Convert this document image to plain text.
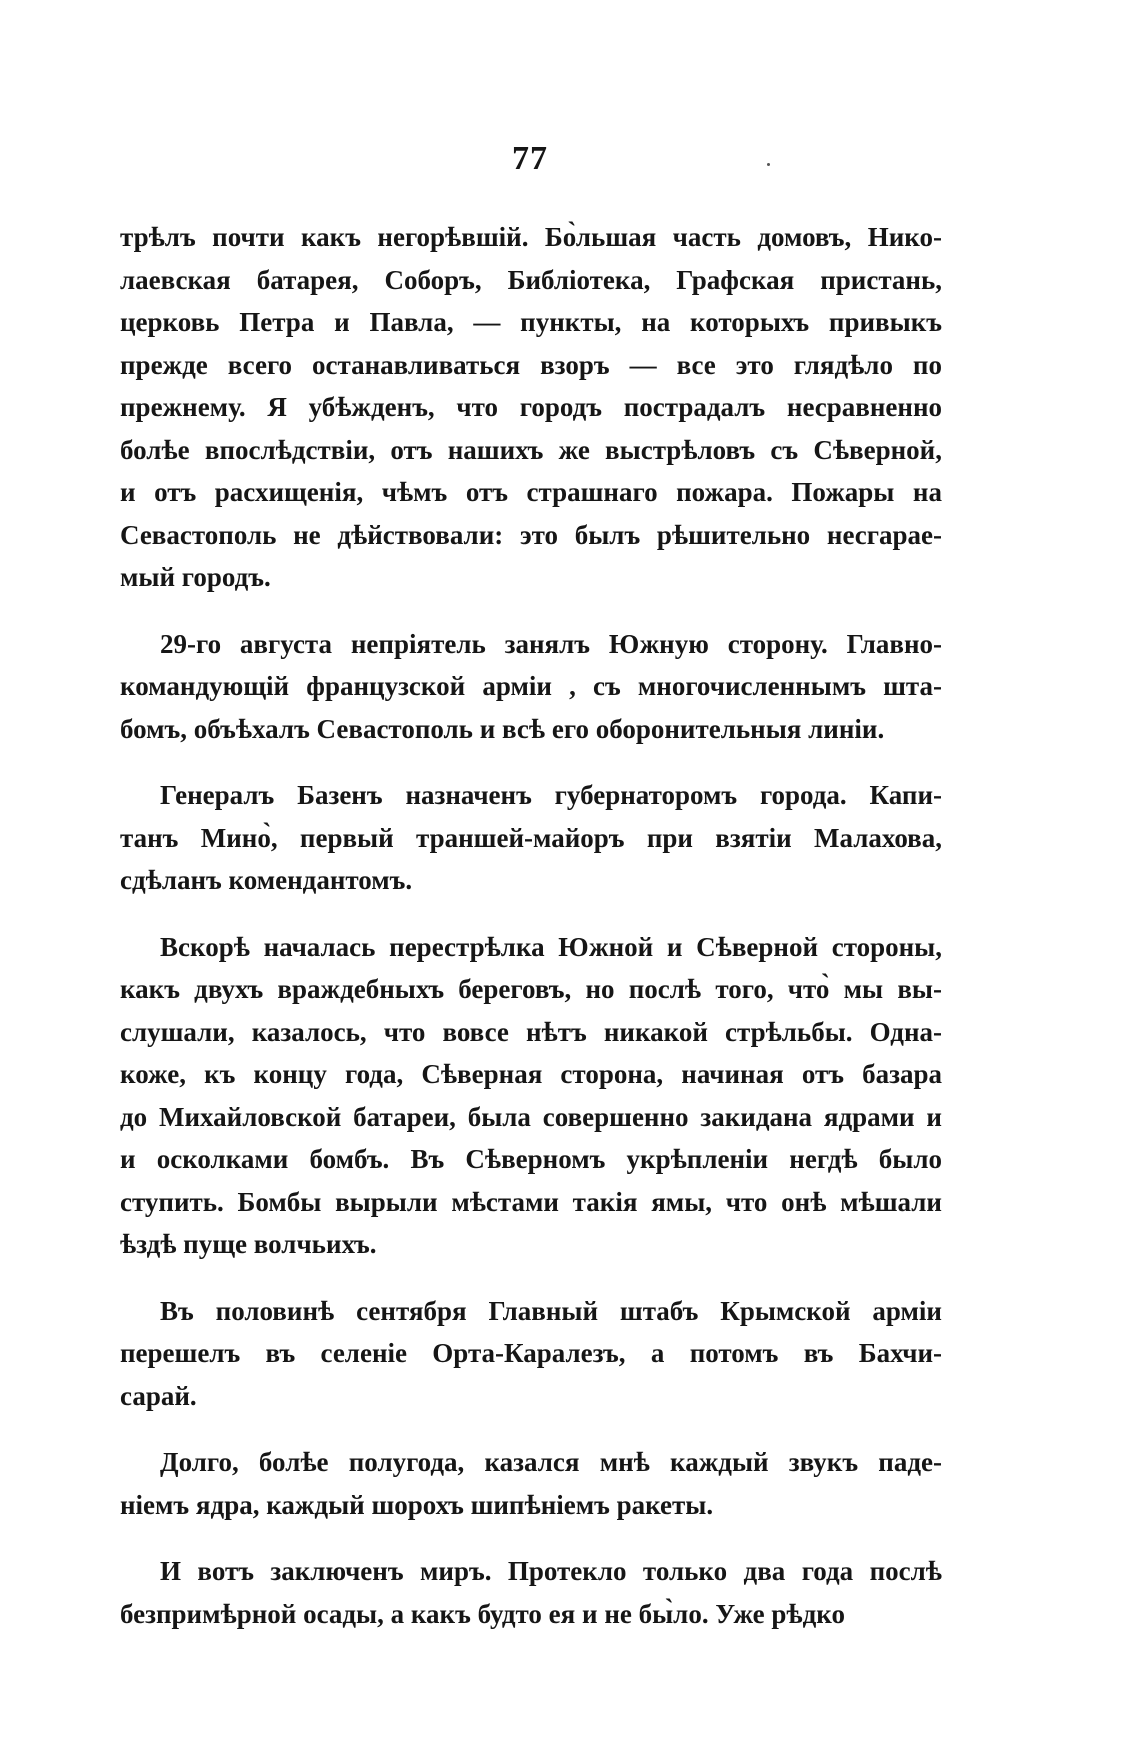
77
трѣлъ почти какъ негорѣвшій. Бо̀льшая часть домовъ, Нико-
лаевская батарея, Соборъ, Библіотека, Графская пристань,
церковь Петра и Павла, — пункты, на которыхъ привыкъ
прежде всего останавливаться взоръ — все это глядѣло по
прежнему. Я убѣжденъ, что городъ пострадалъ несравненно
болѣе впослѣдствіи, отъ нашихъ же выстрѣловъ съ Сѣверной,
и отъ расхищенія, чѣмъ отъ страшнаго пожара. Пожары на
Севастополь не дѣйствовали: это былъ рѣшительно несгарае-
мый городъ.
29-го августа непріятель занялъ Южную сторону. Главно-
командующій французской арміи , съ многочисленнымъ шта-
бомъ, объѣхалъ Севастополь и всѣ его оборонительныя линіи.
Генералъ Базенъ назначенъ губернаторомъ города. Капи-
танъ Мино̀, первый траншей-майоръ при взятіи Малахова,
сдѣланъ комендантомъ.
Вскорѣ началась перестрѣлка Южной и Сѣверной стороны,
какъ двухъ враждебныхъ береговъ, но послѣ того, что̀ мы вы-
слушали, казалось, что вовсе нѣтъ никакой стрѣльбы. Одна-
коже, къ концу года, Сѣверная сторона, начиная отъ базара
до Михайловской батареи, была совершенно закидана ядрами и
и осколками бомбъ. Въ Сѣверномъ укрѣпленіи негдѣ было
ступить. Бомбы вырыли мѣстами такія ямы, что онѣ мѣшали
ѣздѣ пуще волчьихъ.
Въ половинѣ сентября Главный штабъ Крымской арміи
перешелъ въ селеніе Орта-Каралезъ, а потомъ въ Бахчи-
сарай.
Долго, болѣе полугода, казался мнѣ каждый звукъ паде-
ніемъ ядра, каждый шорохъ шипѣніемъ ракеты.
И вотъ заключенъ миръ. Протекло только два года послѣ
безпримѣрной осады, а какъ будто ея и не бы̀ло. Уже рѣдко
